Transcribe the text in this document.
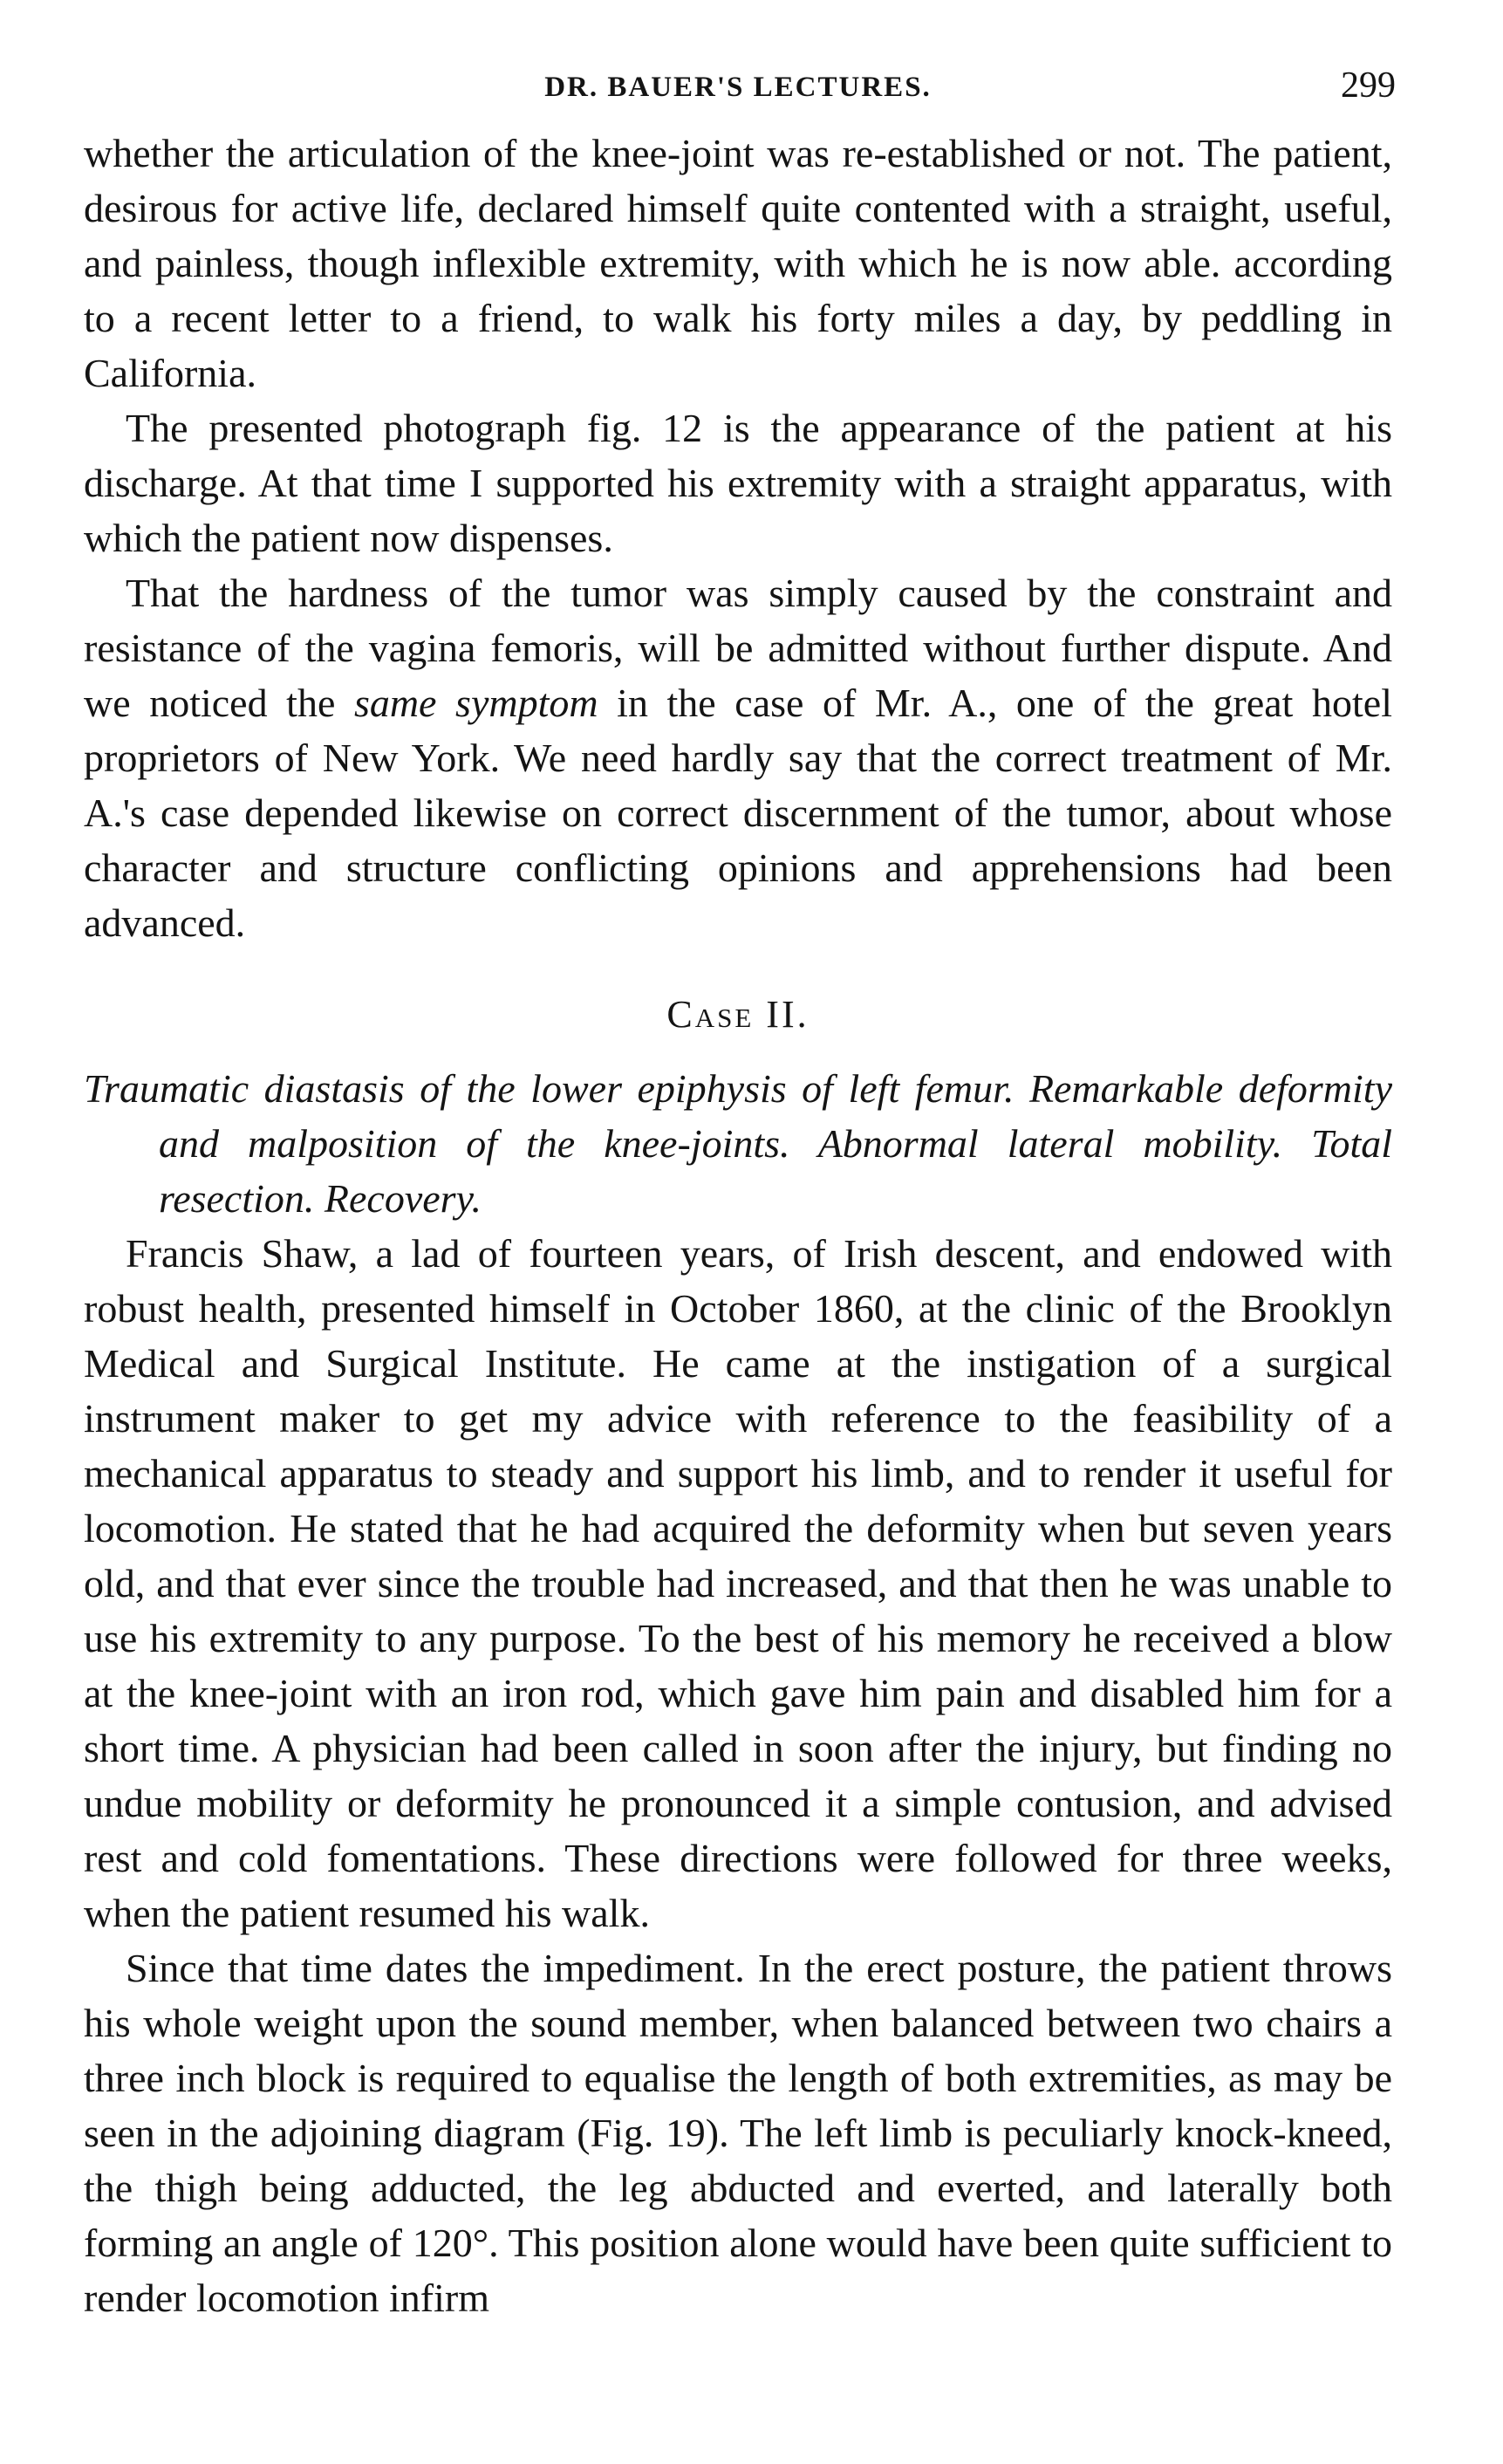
DR. BAUER'S LECTURES.	299

whether the articulation of the knee-joint was re-established or not. The patient, desirous for active life, declared himself quite contented with a straight, useful, and painless, though inflexible extremity, with which he is now able. according to a recent letter to a friend, to walk his forty miles a day, by peddling in California.

The presented photograph fig. 12 is the appearance of the patient at his discharge. At that time I supported his extremity with a straight apparatus, with which the patient now dispenses.

That the hardness of the tumor was simply caused by the constraint and resistance of the vagina femoris, will be admitted without further dispute. And we noticed the same symptom in the case of Mr. A., one of the great hotel proprietors of New York. We need hardly say that the correct treatment of Mr. A.'s case depended likewise on correct discernment of the tumor, about whose character and structure conflicting opinions and apprehensions had been advanced.

Case II.
Traumatic diastasis of the lower epiphysis of left femur. Remarkable deformity and malposition of the knee-joints. Abnormal lateral mobility. Total resection. Recovery.

Francis Shaw, a lad of fourteen years, of Irish descent, and endowed with robust health, presented himself in October 1860, at the clinic of the Brooklyn Medical and Surgical Institute. He came at the instigation of a surgical instrument maker to get my advice with reference to the feasibility of a mechanical apparatus to steady and support his limb, and to render it useful for locomotion. He stated that he had acquired the deformity when but seven years old, and that ever since the trouble had increased, and that then he was unable to use his extremity to any purpose. To the best of his memory he received a blow at the knee-joint with an iron rod, which gave him pain and disabled him for a short time. A physician had been called in soon after the injury, but finding no undue mobility or deformity he pronounced it a simple contusion, and advised rest and cold fomentations. These directions were followed for three weeks, when the patient resumed his walk.

Since that time dates the impediment. In the erect posture, the patient throws his whole weight upon the sound member, when balanced between two chairs a three inch block is required to equalise the length of both extremities, as may be seen in the adjoining diagram (Fig. 19). The left limb is peculiarly knock-kneed, the thigh being adducted, the leg abducted and everted, and laterally both forming an angle of 120°. This position alone would have been quite sufficient to render locomotion infirm
